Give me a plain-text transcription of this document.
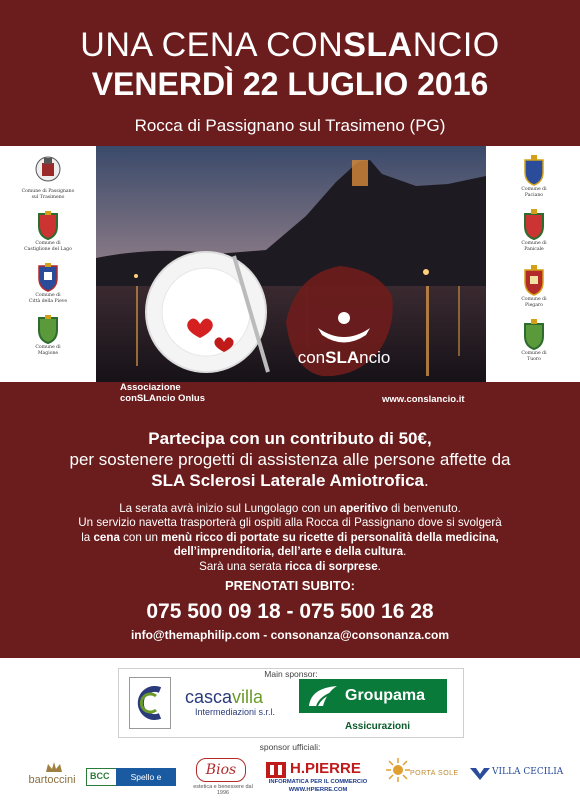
UNA CENA CONSLANCIO
VENERDÌ 22 LUGLIO 2016
Rocca di Passignano sul Trasimeno (PG)
Comune di Passignano
sul Trasimeno
Comune di
Castiglione del Lago
Comune di
Città della Pieve
Comune di
Magione
Comune di
Paciano
Comune di
Panicale
Comune di
Piegaro
Comune di
Tuoro
conSLAncio
Associazione
conSLAncio Onlus	www.conslancio.it
Partecipa con un contributo di 50€,
per sostenere progetti di assistenza alle persone affette da
SLA Sclerosi Laterale Amiotrofica.
La serata avrà inizio sul Lungolago con un aperitivo di benvenuto.
Un servizio navetta trasporterà gli ospiti alla Rocca di Passignano dove si svolgerà
la cena con un menù ricco di portate su ricette di personalità della medicina,
dell’imprenditoria, dell’arte e della cultura.
Sarà una serata ricca di sorprese.
PRENOTATI SUBITO:
075 500 09 18 - 075 500 16 28
info@themaphilip.com - consonanza@consonanza.com
Main sponsor:
cascavilla
Intermediazioni s.r.l.
Groupama
Assicurazioni
sponsor ufficiali:
bartoccini	BCC	Spello e Bettona
Bios
estetica e benessere dal 1996
H.PIERRE
INFORMATICA PER IL COMMERCIO
WWW.HPIERRE.COM
PORTA SOLE	VILLA CECILIA
